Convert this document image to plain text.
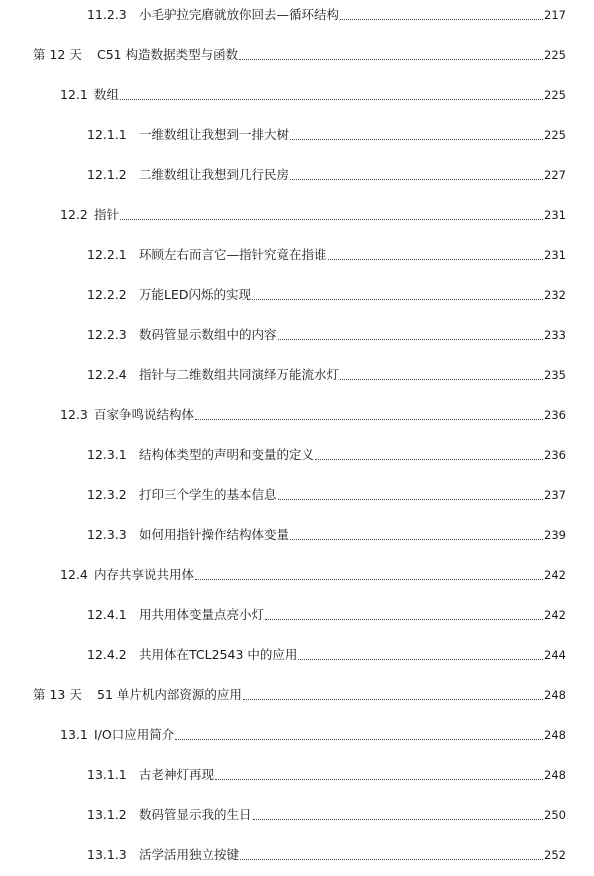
11.2.3 小毛驴拉完磨就放你回去—循环结构	217
第 12 天	C51 构造数据类型与函数	225
12.1 数组	225
12.1.1 一维数组让我想到一排大树	225
12.1.2 二维数组让我想到几行民房	227
12.2 指针	231
12.2.1 环顾左右而言它—指针究竟在指谁	231
12.2.2 万能LED闪烁的实现	232
12.2.3 数码管显示数组中的内容	233
12.2.4 指针与二维数组共同演绎万能流水灯	235
12.3 百家争鸣说结构体	236
12.3.1 结构体类型的声明和变量的定义	236
12.3.2 打印三个学生的基本信息	237
12.3.3 如何用指针操作结构体变量	239
12.4 内存共享说共用体	242
12.4.1 用共用体变量点亮小灯	242
12.4.2 共用体在TCL2543 中的应用	244
第 13 天	51 单片机内部资源的应用	248
13.1 I/O口应用简介	248
13.1.1 古老神灯再现	248
13.1.2 数码管显示我的生日	250
13.1.3 活学活用独立按键	252
